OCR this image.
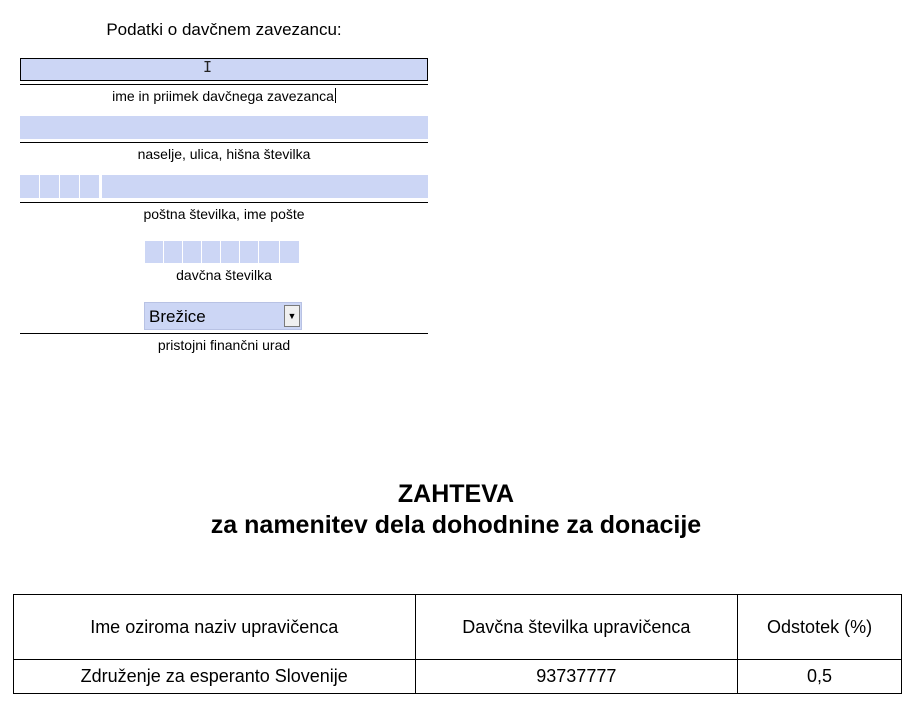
Podatki o davčnem zavezancu:
I
ime in priimek davčnega zavezanca
naselje, ulica, hišna številka
poštna številka, ime pošte
davčna številka
Brežice	▼
pristojni finančni urad
ZAHTEVA
za namenitev dela dohodnine za donacije
Ime oziroma naziv upravičenca	Davčna številka upravičenca	Odstotek (%)
Združenje za esperanto Slovenije	93737777	0,5
